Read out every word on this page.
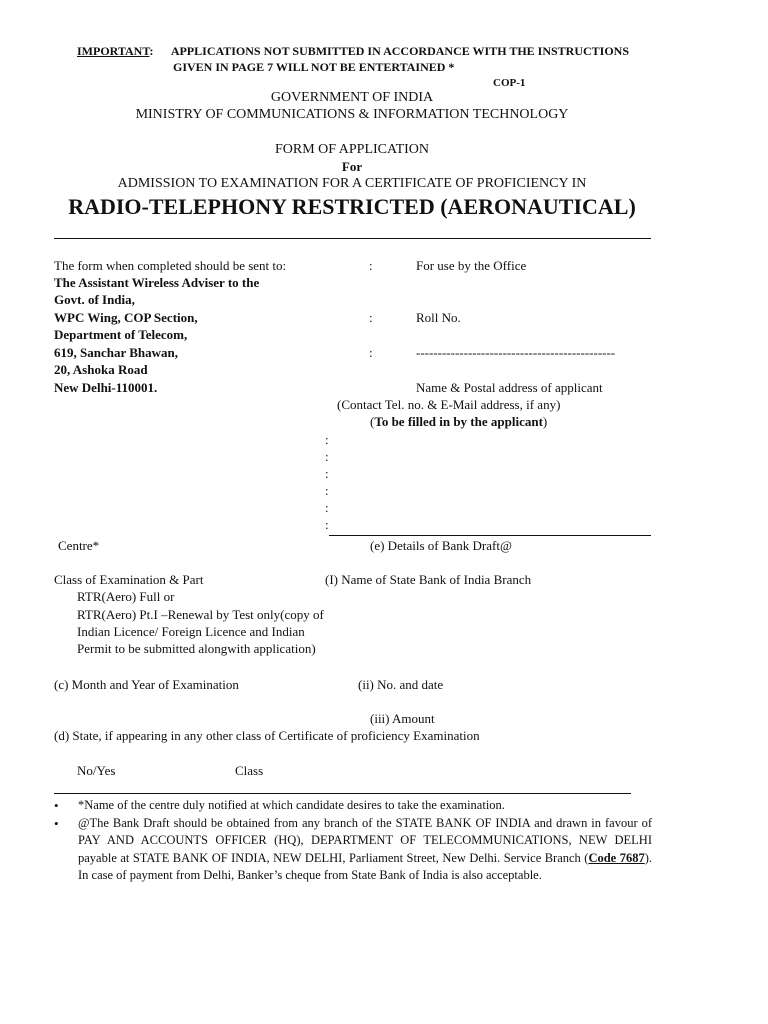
IMPORTANT: APPLICATIONS NOT SUBMITTED IN ACCORDANCE WITH THE INSTRUCTIONS
GIVEN IN PAGE 7 WILL NOT BE ENTERTAINED *
COP-1
GOVERNMENT OF INDIA
MINISTRY OF COMMUNICATIONS & INFORMATION TECHNOLOGY
FORM OF APPLICATION
For
ADMISSION TO EXAMINATION FOR A CERTIFICATE OF PROFICIENCY IN
RADIO-TELEPHONY RESTRICTED (AERONAUTICAL)
The form when completed should be sent to:
The Assistant Wireless Adviser to the
Govt. of India,
WPC Wing, COP Section,
Department of Telecom,
619, Sanchar Bhawan,
20, Ashoka Road
New Delhi-110001.
:	For use by the Office
:	Roll No.
:	----------------------------------------------
Name & Postal address of applicant
(Contact Tel. no. & E-Mail address, if any)
(To be filled in by the applicant)
:
:
:
:
:
:
Centre*	(e) Details of Bank Draft@
Class of Examination & Part	(I) Name of State Bank of India Branch
RTR(Aero) Full or
RTR(Aero) Pt.I –Renewal by Test only(copy of
Indian Licence/ Foreign Licence and Indian
Permit to be submitted alongwith application)
(c) Month and Year of Examination	(ii) No. and date
(iii) Amount
(d) State, if appearing in any other class of Certificate of proficiency Examination
No/Yes	Class
•	*Name of the centre duly notified at which candidate desires to take the examination.
•	@The Bank Draft should be obtained from any branch of the STATE BANK OF INDIA and drawn in favour of PAY AND ACCOUNTS OFFICER (HQ), DEPARTMENT OF TELECOMMUNICATIONS, NEW DELHI payable at STATE BANK OF INDIA, NEW DELHI, Parliament Street, New Delhi. Service Branch (Code 7687). In case of payment from Delhi, Banker’s cheque from State Bank of India is also acceptable.
